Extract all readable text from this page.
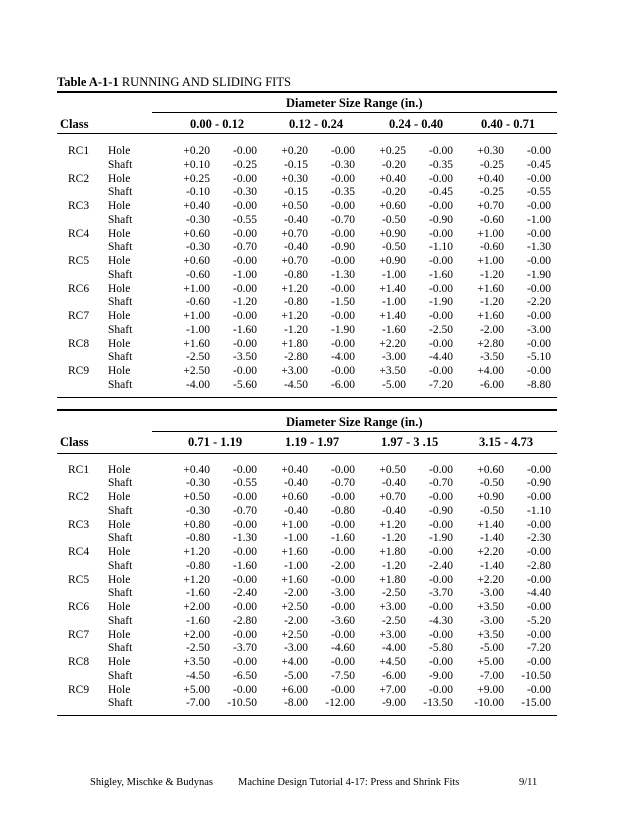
Table A-1-1 RUNNING AND SLIDING FITS
Diameter Size Range (in.)
Class	0.00 - 0.12	0.12 - 0.24	0.24 - 0.40	0.40 - 0.71
RC1 Hole	+0.20 -0.00 +0.20 -0.00 +0.25 -0.00 +0.30 -0.00
Shaft	+0.10 -0.25 -0.15 -0.30 -0.20 -0.35 -0.25 -0.45
RC2 Hole	+0.25 -0.00 +0.30 -0.00 +0.40 -0.00 +0.40 -0.00
Shaft	-0.10 -0.30 -0.15 -0.35 -0.20 -0.45 -0.25 -0.55
RC3 Hole	+0.40 -0.00 +0.50 -0.00 +0.60 -0.00 +0.70 -0.00
Shaft	-0.30 -0.55 -0.40 -0.70 -0.50 -0.90 -0.60 -1.00
RC4 Hole	+0.60 -0.00 +0.70 -0.00 +0.90 -0.00 +1.00 -0.00
Shaft	-0.30 -0.70 -0.40 -0.90 -0.50 -1.10 -0.60 -1.30
RC5 Hole	+0.60 -0.00 +0.70 -0.00 +0.90 -0.00 +1.00 -0.00
Shaft	-0.60 -1.00 -0.80 -1.30 -1.00 -1.60 -1.20 -1.90
RC6 Hole	+1.00 -0.00 +1.20 -0.00 +1.40 -0.00 +1.60 -0.00
Shaft	-0.60 -1.20 -0.80 -1.50 -1.00 -1.90 -1.20 -2.20
RC7 Hole	+1.00 -0.00 +1.20 -0.00 +1.40 -0.00 +1.60 -0.00
Shaft	-1.00 -1.60 -1.20 -1.90 -1.60 -2.50 -2.00 -3.00
RC8 Hole	+1.60 -0.00 +1.80 -0.00 +2.20 -0.00 +2.80 -0.00
Shaft	-2.50 -3.50 -2.80 -4.00 -3.00 -4.40 -3.50 -5.10
RC9 Hole	+2.50 -0.00 +3.00 -0.00 +3.50 -0.00 +4.00 -0.00
Shaft	-4.00 -5.60 -4.50 -6.00 -5.00 -7.20 -6.00 -8.80
Diameter Size Range (in.)
Class	0.71 - 1.19	1.19 - 1.97	1.97 - 3 .15	3.15 - 4.73
RC1 Hole	+0.40 -0.00 +0.40 -0.00 +0.50 -0.00 +0.60 -0.00
Shaft	-0.30 -0.55 -0.40 -0.70 -0.40 -0.70 -0.50 -0.90
RC2 Hole	+0.50 -0.00 +0.60 -0.00 +0.70 -0.00 +0.90 -0.00
Shaft	-0.30 -0.70 -0.40 -0.80 -0.40 -0.90 -0.50 -1.10
RC3 Hole	+0.80 -0.00 +1.00 -0.00 +1.20 -0.00 +1.40 -0.00
Shaft	-0.80 -1.30 -1.00 -1.60 -1.20 -1.90 -1.40 -2.30
RC4 Hole	+1.20 -0.00 +1.60 -0.00 +1.80 -0.00 +2.20 -0.00
Shaft	-0.80 -1.60 -1.00 -2.00 -1.20 -2.40 -1.40 -2.80
RC5 Hole	+1.20 -0.00 +1.60 -0.00 +1.80 -0.00 +2.20 -0.00
Shaft	-1.60 -2.40 -2.00 -3.00 -2.50 -3.70 -3.00 -4.40
RC6 Hole	+2.00 -0.00 +2.50 -0.00 +3.00 -0.00 +3.50 -0.00
Shaft	-1.60 -2.80 -2.00 -3.60 -2.50 -4.30 -3.00 -5.20
RC7 Hole	+2.00 -0.00 +2.50 -0.00 +3.00 -0.00 +3.50 -0.00
Shaft	-2.50 -3.70 -3.00 -4.60 -4.00 -5.80 -5.00 -7.20
RC8 Hole	+3.50 -0.00 +4.00 -0.00 +4.50 -0.00 +5.00 -0.00
Shaft	-4.50 -6.50 -5.00 -7.50 -6.00 -9.00 -7.00 -10.50
RC9 Hole	+5.00 -0.00 +6.00 -0.00 +7.00 -0.00 +9.00 -0.00
Shaft	-7.00 -10.50 -8.00 -12.00 -9.00 -13.50 -10.00 -15.00
Shigley, Mischke & Budynas Machine Design Tutorial 4-17: Press and Shrink Fits	9/11
